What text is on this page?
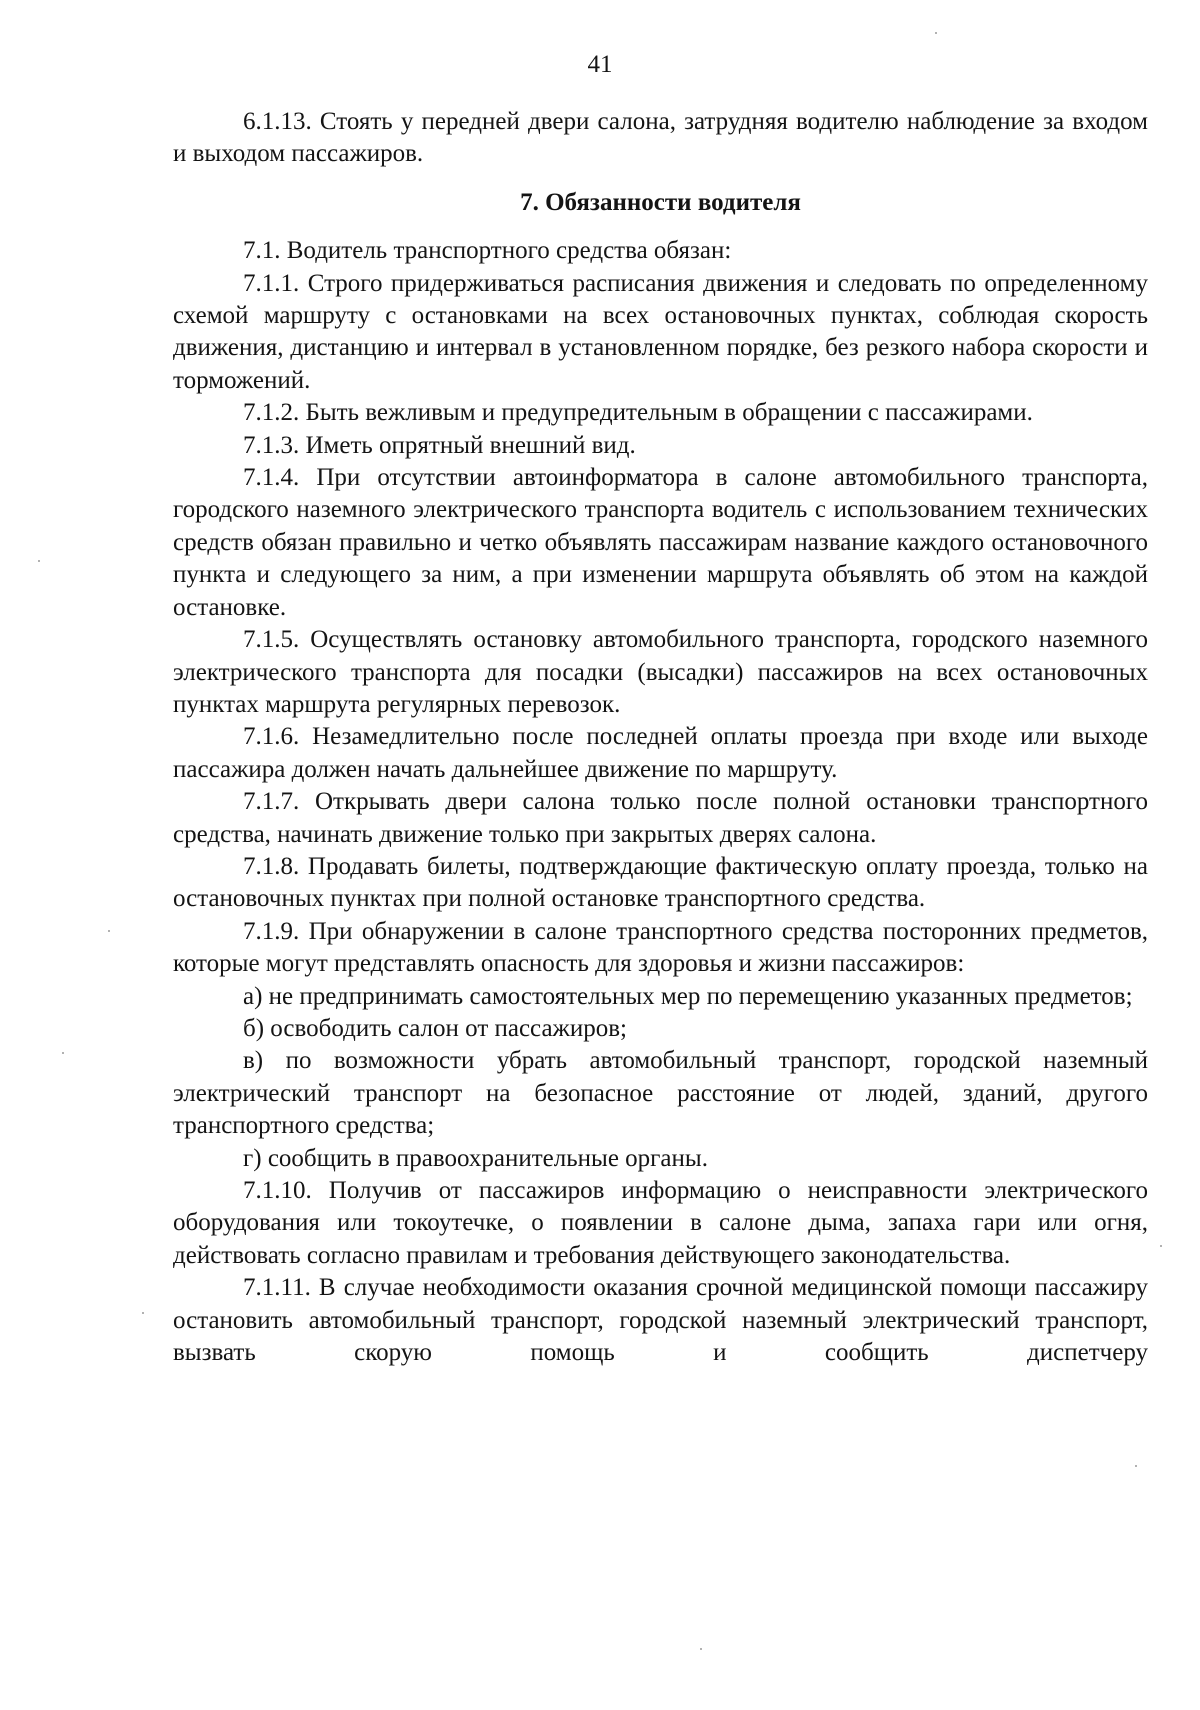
41

6.1.13. Стоять у передней двери салона, затрудняя водителю наблюдение за входом и выходом пассажиров.

7. Обязанности водителя

7.1. Водитель транспортного средства обязан:

7.1.1. Строго придерживаться расписания движения и следовать по определенному схемой маршруту с остановками на всех остановочных пунктах, соблюдая скорость движения, дистанцию и интервал в установленном порядке, без резкого набора скорости и торможений.

7.1.2. Быть вежливым и предупредительным в обращении с пассажирами.

7.1.3. Иметь опрятный внешний вид.

7.1.4. При отсутствии автоинформатора в салоне автомобильного транспорта, городского наземного электрического транспорта водитель с использованием технических средств обязан правильно и четко объявлять пассажирам название каждого остановочного пункта и следующего за ним, а при изменении маршрута объявлять об этом на каждой остановке.

7.1.5. Осуществлять остановку автомобильного транспорта, городского наземного электрического транспорта для посадки (высадки) пассажиров на всех остановочных пунктах маршрута регулярных перевозок.

7.1.6. Незамедлительно после последней оплаты проезда при входе или выходе пассажира должен начать дальнейшее движение по маршруту.

7.1.7. Открывать двери салона только после полной остановки транспортного средства, начинать движение только при закрытых дверях салона.

7.1.8. Продавать билеты, подтверждающие фактическую оплату проезда, только на остановочных пунктах при полной остановке транспортного средства.

7.1.9. При обнаружении в салоне транспортного средства посторонних предметов, которые могут представлять опасность для здоровья и жизни пассажиров:

а) не предпринимать самостоятельных мер по перемещению указанных предметов;

б) освободить салон от пассажиров;

в) по возможности убрать автомобильный транспорт, городской наземный электрический транспорт на безопасное расстояние от людей, зданий, другого транспортного средства;

г) сообщить в правоохранительные органы.

7.1.10. Получив от пассажиров информацию о неисправности электрического оборудования или токоутечке, о появлении в салоне дыма, запаха гари или огня, действовать согласно правилам и требования действующего законодательства.

7.1.11. В случае необходимости оказания срочной медицинской помощи пассажиру остановить автомобильный транспорт, городской наземный электрический транспорт, вызвать скорую помощь и сообщить диспетчеру
